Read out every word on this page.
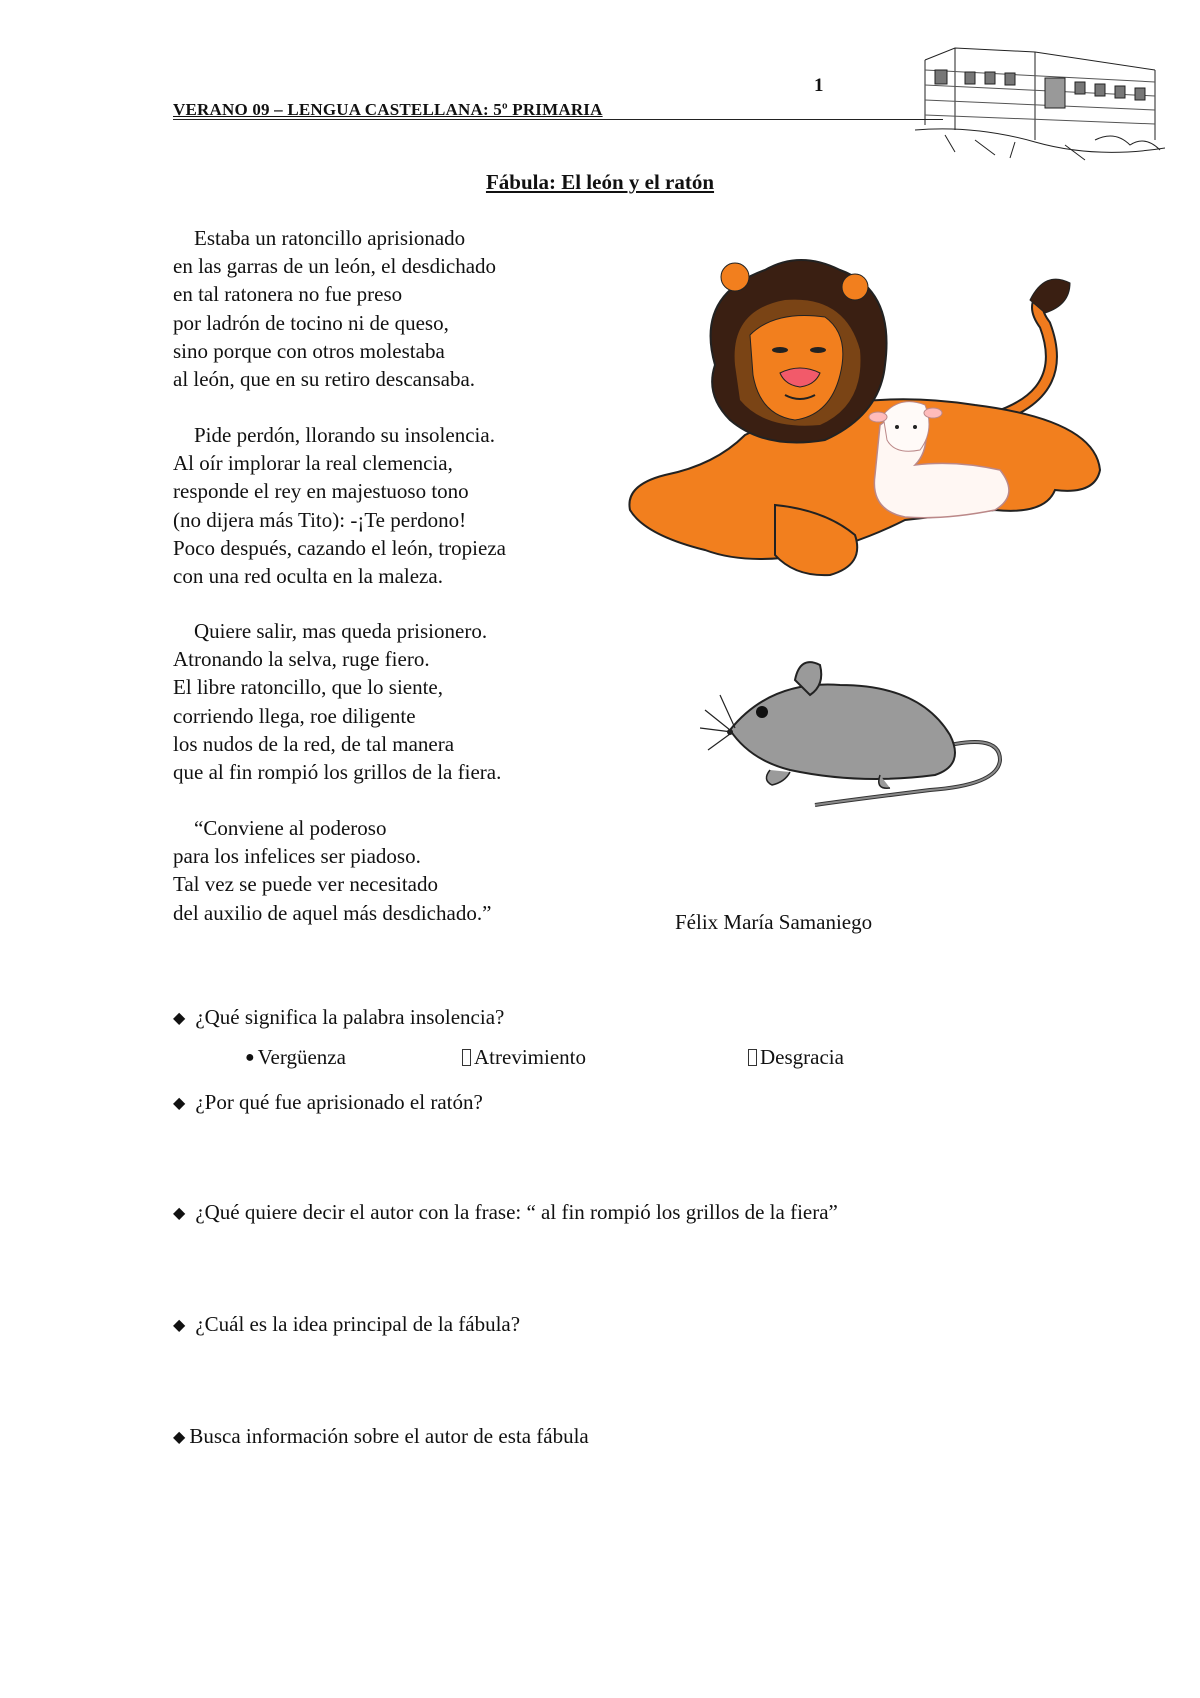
1
VERANO 09 – LENGUA CASTELLANA: 5º PRIMARIA
Fábula: El león y el ratón
Estaba un ratoncillo aprisionado
en las garras de un león, el desdichado
en tal ratonera no fue preso
por ladrón de tocino ni de queso,
sino porque con otros molestaba
al león, que en su retiro descansaba.
Pide perdón, llorando su insolencia.
Al oír implorar la real clemencia,
responde el rey en majestuoso tono
(no dijera más Tito): -¡Te perdono!
Poco después, cazando el león, tropieza
con una red oculta en la maleza.
Quiere salir, mas queda prisionero.
Atronando la selva, ruge fiero.
El libre ratoncillo, que lo siente,
corriendo llega, roe diligente
los nudos de la red, de tal manera
que al fin rompió los grillos de la fiera.
“Conviene al poderoso
para los infelices ser piadoso.
Tal vez se puede ver necesitado
del auxilio de aquel más desdichado.”	Félix María Samaniego
◆ ¿Qué significa la palabra insolencia?
● Vergüenza	Atrevimiento	Desgracia
◆ ¿Por qué fue aprisionado el ratón?
◆ ¿Qué quiere decir el autor con la frase: “ al fin rompió los grillos de la fiera”
◆ ¿Cuál es la idea principal de la fábula?
◆ Busca información sobre el autor de esta fábula
